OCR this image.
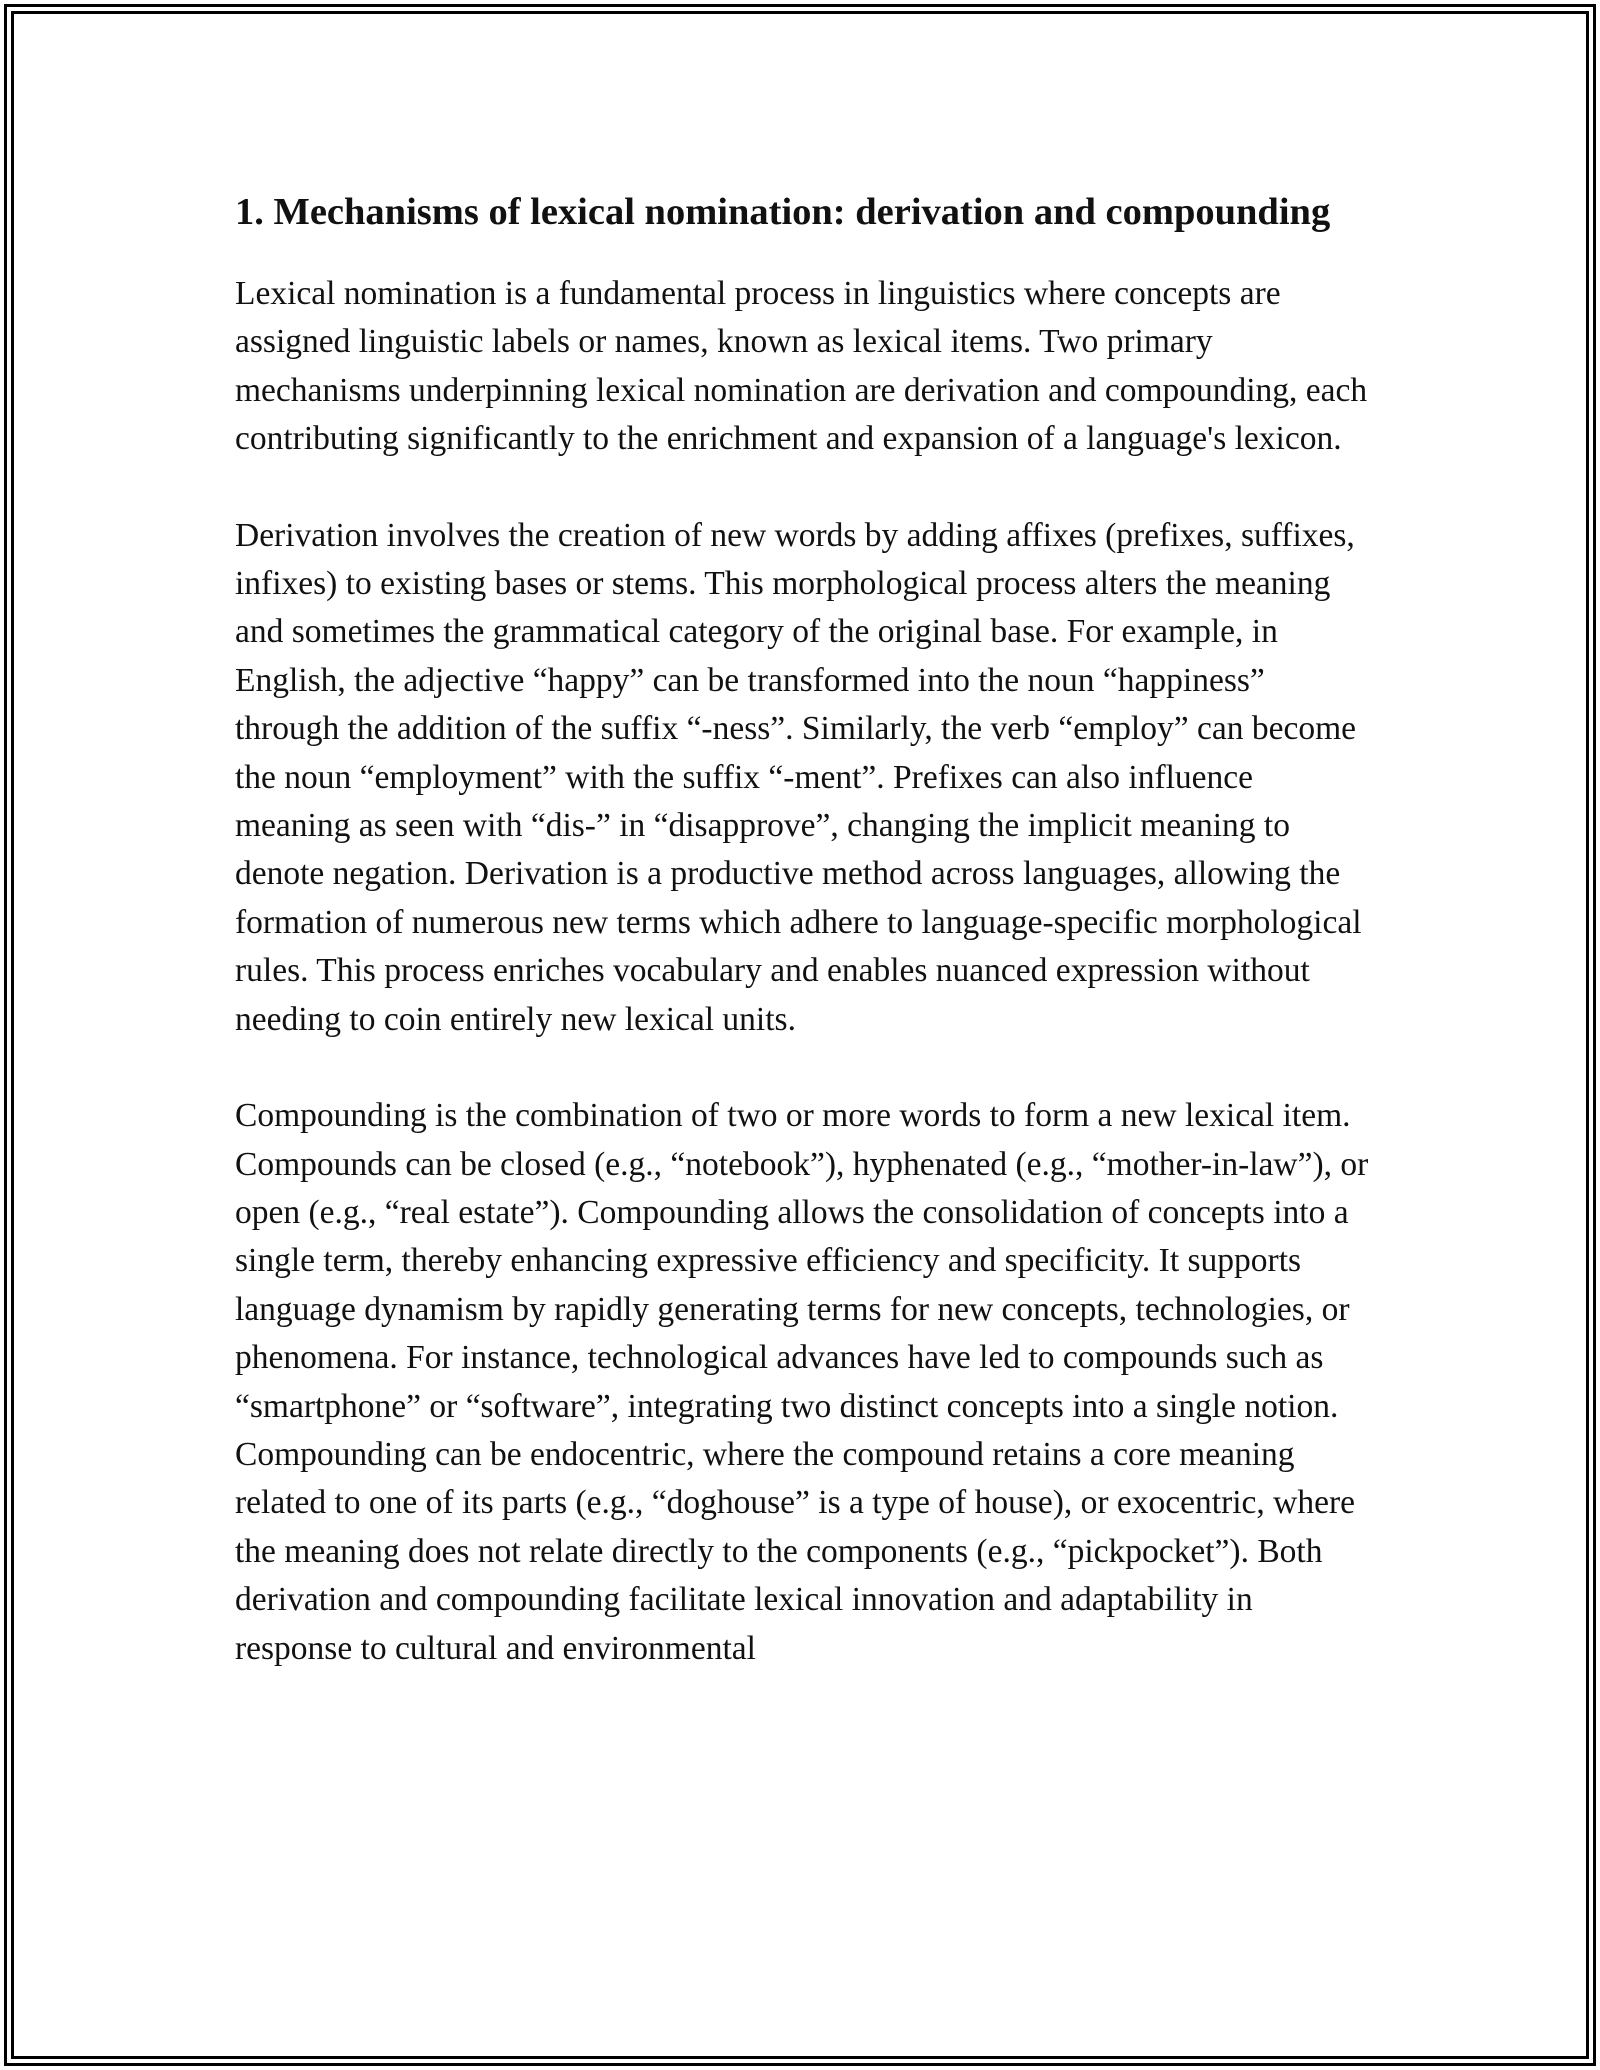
1. Mechanisms of lexical nomination: derivation and compounding

Lexical nomination is a fundamental process in linguistics where concepts are assigned linguistic labels or names, known as lexical items. Two primary mechanisms underpinning lexical nomination are derivation and compounding, each contributing significantly to the enrichment and expansion of a language's lexicon.

Derivation involves the creation of new words by adding affixes (prefixes, suffixes, infixes) to existing bases or stems. This morphological process alters the meaning and sometimes the grammatical category of the original base. For example, in English, the adjective “happy” can be transformed into the noun “happiness” through the addition of the suffix “-ness”. Similarly, the verb “employ” can become the noun “employment” with the suffix “-ment”. Prefixes can also influence meaning as seen with “dis-” in “disapprove”, changing the implicit meaning to denote negation. Derivation is a productive method across languages, allowing the formation of numerous new terms which adhere to language-specific morphological rules. This process enriches vocabulary and enables nuanced expression without needing to coin entirely new lexical units.

Compounding is the combination of two or more words to form a new lexical item. Compounds can be closed (e.g., “notebook”), hyphenated (e.g., “mother-in-law”), or open (e.g., “real estate”). Compounding allows the consolidation of concepts into a single term, thereby enhancing expressive efficiency and specificity. It supports language dynamism by rapidly generating terms for new concepts, technologies, or phenomena. For instance, technological advances have led to compounds such as “smartphone” or “software”, integrating two distinct concepts into a single notion. Compounding can be endocentric, where the compound retains a core meaning related to one of its parts (e.g., “doghouse” is a type of house), or exocentric, where the meaning does not relate directly to the components (e.g., “pickpocket”). Both derivation and compounding facilitate lexical innovation and adaptability in response to cultural and environmental
